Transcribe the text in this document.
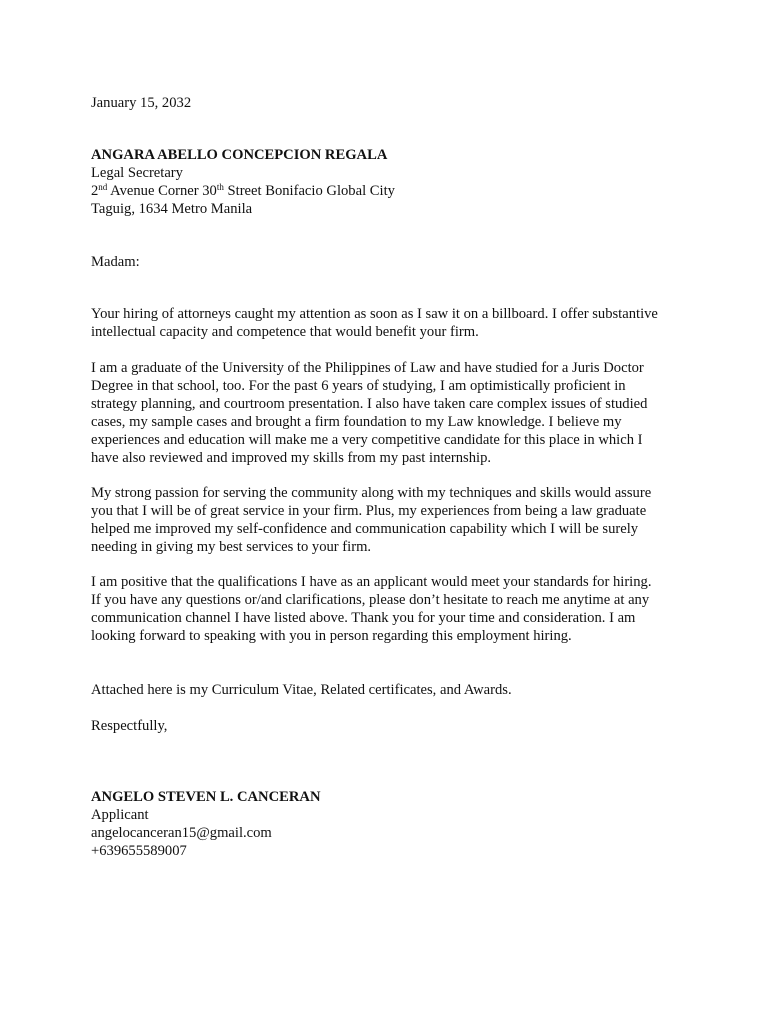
January 15, 2032
ANGARA ABELLO CONCEPCION REGALA
Legal Secretary
2nd Avenue Corner 30th Street Bonifacio Global City
Taguig, 1634 Metro Manila
Madam:

Your hiring of attorneys caught my attention as soon as I saw it on a billboard. I offer substantive

intellectual capacity and competence that would benefit your firm.

I am a graduate of the University of the Philippines of Law and have studied for a Juris Doctor

Degree in that school, too. For the past 6 years of studying, I am optimistically proficient in

strategy planning, and courtroom presentation. I also have taken care complex issues of studied

cases, my sample cases and brought a firm foundation to my Law knowledge. I believe my

experiences and education will make me a very competitive candidate for this place in which I

have also reviewed and improved my skills from my past internship.

My strong passion for serving the community along with my techniques and skills would assure

you that I will be of great service in your firm. Plus, my experiences from being a law graduate

helped me improved my self-confidence and communication capability which I will be surely

needing in giving my best services to your firm.

I am positive that the qualifications I have as an applicant would meet your standards for hiring.

If you have any questions or/and clarifications, please don’t hesitate to reach me anytime at any

communication channel I have listed above. Thank you for your time and consideration. I am

looking forward to speaking with you in person regarding this employment hiring.

Attached here is my Curriculum Vitae, Related certificates, and Awards.
Respectfully,
ANGELO STEVEN L. CANCERAN
Applicant
angelocanceran15@gmail.com
+639655589007
